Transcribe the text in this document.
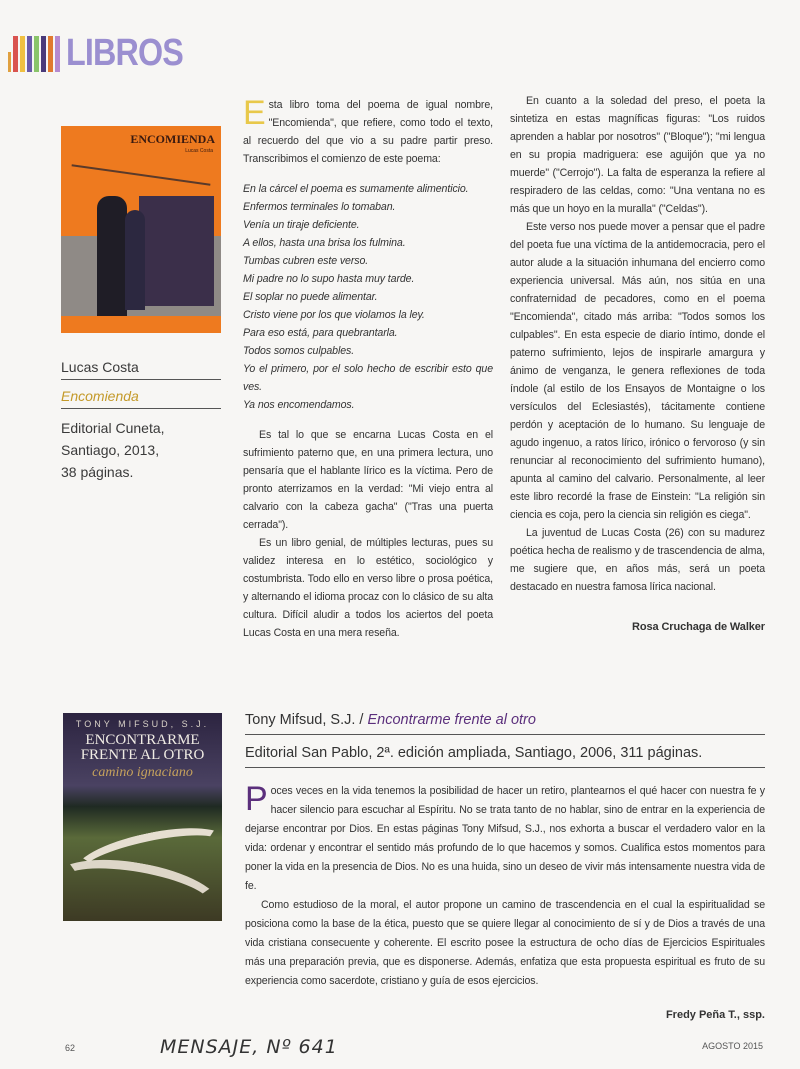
LIBROS
ENCOMIENDA
Lucas Costa
Lucas Costa
Encomienda
Editorial Cuneta,
Santiago, 2013,
38 páginas.

Esta libro toma del poema de igual nombre, "Encomienda", que refiere, como todo el texto, al recuerdo del que vio a su padre partir preso. Transcribimos el comienzo de este poema:

En la cárcel el poema es sumamente alimenticio.
Enfermos terminales lo tomaban.
Venía un tiraje deficiente.
A ellos, hasta una brisa los fulmina.
Tumbas cubren este verso.
Mi padre no lo supo hasta muy tarde.
El soplar no puede alimentar.
Cristo viene por los que violamos la ley.
Para eso está, para quebrantarla.
Todos somos culpables.
Yo el primero, por el solo hecho de escribir esto que ves.
Ya nos encomendamos.

Es tal lo que se encarna Lucas Costa en el sufrimiento paterno que, en una primera lectura, uno pensaría que el hablante lírico es la víctima. Pero de pronto aterrizamos en la verdad: "Mi viejo entra al calvario con la cabeza gacha" ("Tras una puerta cerrada").

Es un libro genial, de múltiples lecturas, pues su validez interesa en lo estético, sociológico y costumbrista. Todo ello en verso libre o prosa poética, y alternando el idioma procaz con lo clásico de su alta cultura. Difícil aludir a todos los aciertos del poeta Lucas Costa en una mera reseña.

En cuanto a la soledad del preso, el poeta la sintetiza en estas magníficas figuras: "Los ruidos aprenden a hablar por nosotros" ("Bloque"); "mi lengua en su propia madriguera: ese aguijón que ya no muerde" ("Cerrojo"). La falta de esperanza la refiere al respiradero de las celdas, como: "Una ventana no es más que un hoyo en la muralla" ("Celdas").

Este verso nos puede mover a pensar que el padre del poeta fue una víctima de la antidemocracia, pero el autor alude a la situación inhumana del encierro como experiencia universal. Más aún, nos sitúa en una confraternidad de pecadores, como en el poema "Encomienda", citado más arriba: "Todos somos los culpables". En esta especie de diario íntimo, donde el paterno sufrimiento, lejos de inspirarle amargura y ánimo de venganza, le genera reflexiones de toda índole (al estilo de los Ensayos de Montaigne o los versículos del Eclesiastés), tácitamente contiene perdón y aceptación de lo humano. Su lenguaje de agudo ingenuo, a ratos lírico, irónico o fervoroso (y sin renunciar al reconocimiento del sufrimiento humano), apunta al camino del calvario. Personalmente, al leer este libro recordé la frase de Einstein: "La religión sin ciencia es coja, pero la ciencia sin religión es ciega".

La juventud de Lucas Costa (26) con su madurez poética hecha de realismo y de trascendencia de alma, me sugiere que, en años más, será un poeta destacado en nuestra famosa lírica nacional.

Rosa Cruchaga de Walker
TONY MIFSUD, S.J.
ENCONTRARME
FRENTE AL OTRO
camino ignaciano
Tony Mifsud, S.J. / Encontrarme frente al otro
Editorial San Pablo, 2ª. edición ampliada, Santiago, 2006, 311 páginas.

Poces veces en la vida tenemos la posibilidad de hacer un retiro, plantearnos el qué hacer con nuestra fe y hacer silencio para escuchar al Espíritu. No se trata tanto de no hablar, sino de entrar en la experiencia de dejarse encontrar por Dios. En estas páginas Tony Mifsud, S.J., nos exhorta a buscar el verdadero valor en la vida: ordenar y encontrar el sentido más profundo de lo que hacemos y somos. Cualifica estos momentos para poner la vida en la presencia de Dios. No es una huida, sino un deseo de vivir más intensamente nuestra vida de fe.

Como estudioso de la moral, el autor propone un camino de trascendencia en el cual la espiritualidad se posiciona como la base de la ética, puesto que se quiere llegar al conocimiento de sí y de Dios a través de una vida cristiana consecuente y coherente. El escrito posee la estructura de ocho días de Ejercicios Espirituales más una preparación previa, que es disponerse. Además, enfatiza que esta propuesta espiritual es fruto de su experiencia como sacerdote, cristiano y guía de esos ejercicios.

Fredy Peña T., ssp.
62	MENSAJE, Nº 641	AGOSTO 2015
